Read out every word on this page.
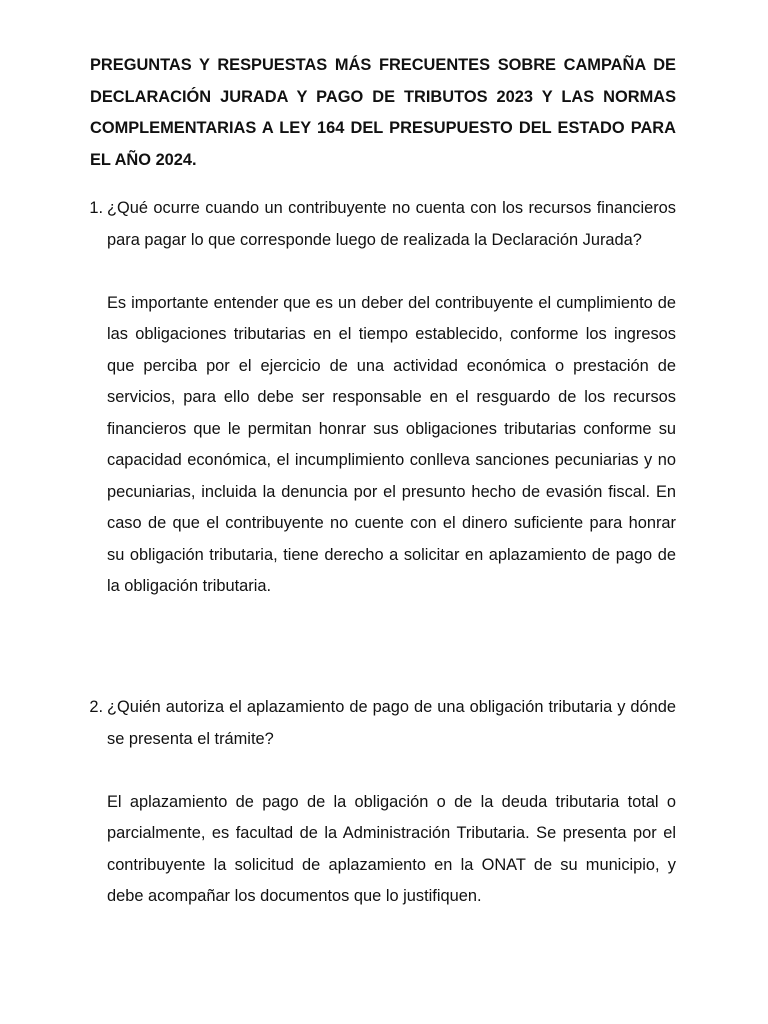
PREGUNTAS Y RESPUESTAS MÁS FRECUENTES SOBRE CAMPAÑA DE DECLARACIÓN JURADA Y PAGO DE TRIBUTOS 2023 Y LAS NORMAS COMPLEMENTARIAS A LEY 164 DEL PRESUPUESTO DEL ESTADO PARA EL AÑO 2024.
1. ¿Qué ocurre cuando un contribuyente no cuenta con los recursos financieros para pagar lo que corresponde luego de realizada la Declaración Jurada?

Es importante entender que es un deber del contribuyente el cumplimiento de las obligaciones tributarias en el tiempo establecido, conforme los ingresos que perciba por el ejercicio de una actividad económica o prestación de servicios, para ello debe ser responsable en el resguardo de los recursos financieros que le permitan honrar sus obligaciones tributarias conforme su capacidad económica, el incumplimiento conlleva sanciones pecuniarias y no pecuniarias, incluida la denuncia por el presunto hecho de evasión fiscal. En caso de que el contribuyente no cuente con el dinero suficiente para honrar su obligación tributaria, tiene derecho a solicitar en aplazamiento de pago de la obligación tributaria.

2. ¿Quién autoriza el aplazamiento de pago de una obligación tributaria y dónde se presenta el trámite?

El aplazamiento de pago de la obligación o de la deuda tributaria total o parcialmente, es facultad de la Administración Tributaria. Se presenta por el contribuyente la solicitud de aplazamiento en la ONAT de su municipio, y debe acompañar los documentos que lo justifiquen.
